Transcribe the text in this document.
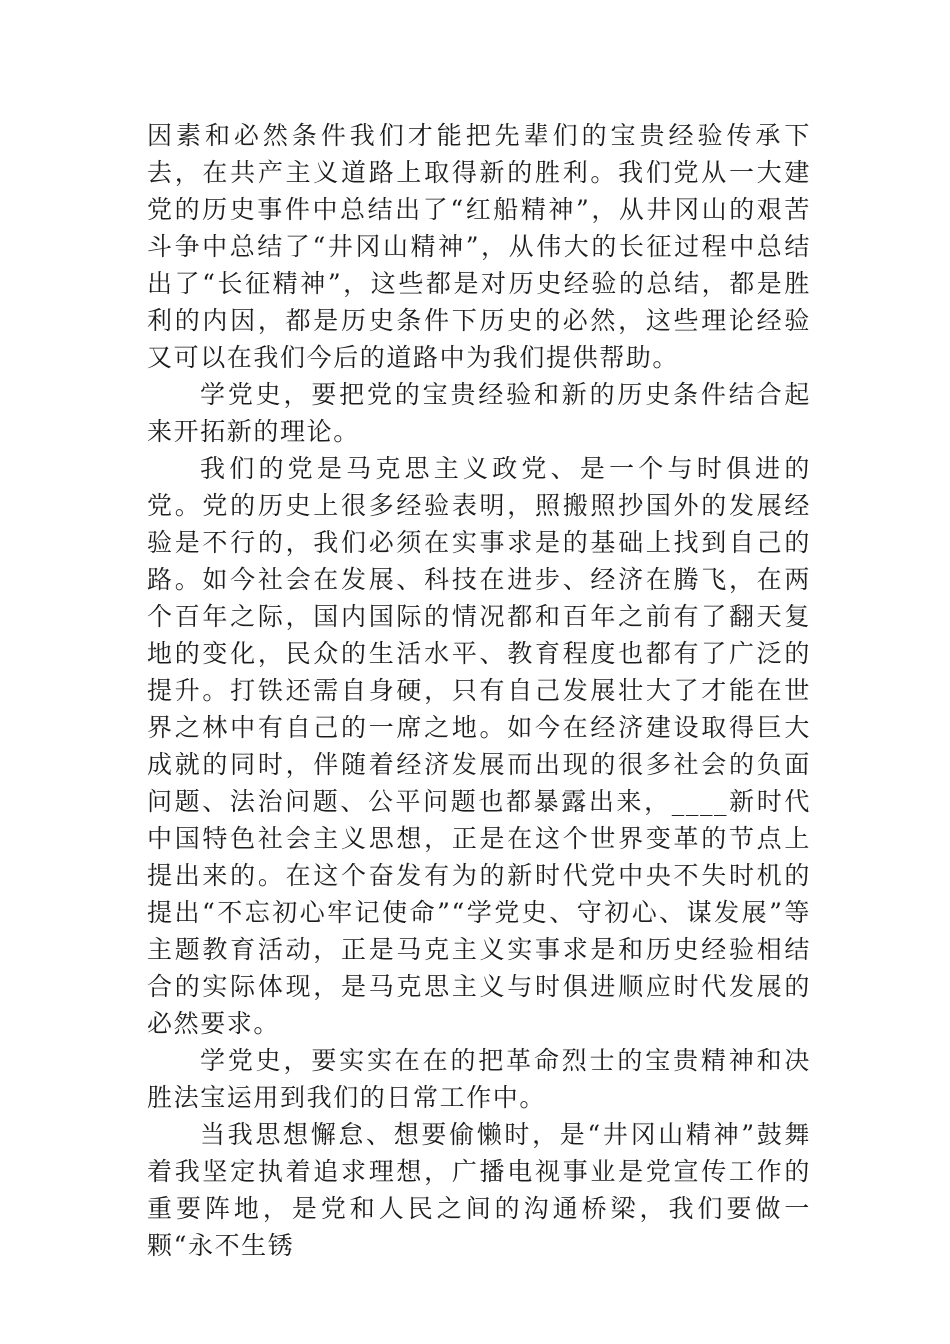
因素和必然条件我们才能把先辈们的宝贵经验传承下去，在共产主义道路上取得新的胜利。我们党从一大建党的历史事件中总结出了“红船精神”，从井冈山的艰苦斗争中总结了“井冈山精神”，从伟大的长征过程中总结出了“长征精神”，这些都是对历史经验的总结，都是胜利的内因，都是历史条件下历史的必然，这些理论经验又可以在我们今后的道路中为我们提供帮助。

学党史，要把党的宝贵经验和新的历史条件结合起来开拓新的理论。

我们的党是马克思主义政党、是一个与时俱进的党。党的历史上很多经验表明，照搬照抄国外的发展经验是不行的，我们必须在实事求是的基础上找到自己的路。如今社会在发展、科技在进步、经济在腾飞，在两个百年之际，国内国际的情况都和百年之前有了翻天复地的变化，民众的生活水平、教育程度也都有了广泛的提升。打铁还需自身硬，只有自己发展壮大了才能在世界之林中有自己的一席之地。如今在经济建设取得巨大成就的同时，伴随着经济发展而出现的很多社会的负面问题、法治问题、公平问题也都暴露出来，____新时代中国特色社会主义思想，正是在这个世界变革的节点上提出来的。在这个奋发有为的新时代党中央不失时机的提出“不忘初心牢记使命”“学党史、守初心、谋发展”等主题教育活动，正是马克主义实事求是和历史经验相结合的实际体现，是马克思主义与时俱进顺应时代发展的必然要求。

学党史，要实实在在的把革命烈士的宝贵精神和决胜法宝运用到我们的日常工作中。

当我思想懈怠、想要偷懒时，是“井冈山精神”鼓舞着我坚定执着追求理想，广播电视事业是党宣传工作的重要阵地，是党和人民之间的沟通桥梁，我们要做一颗“永不生锈
